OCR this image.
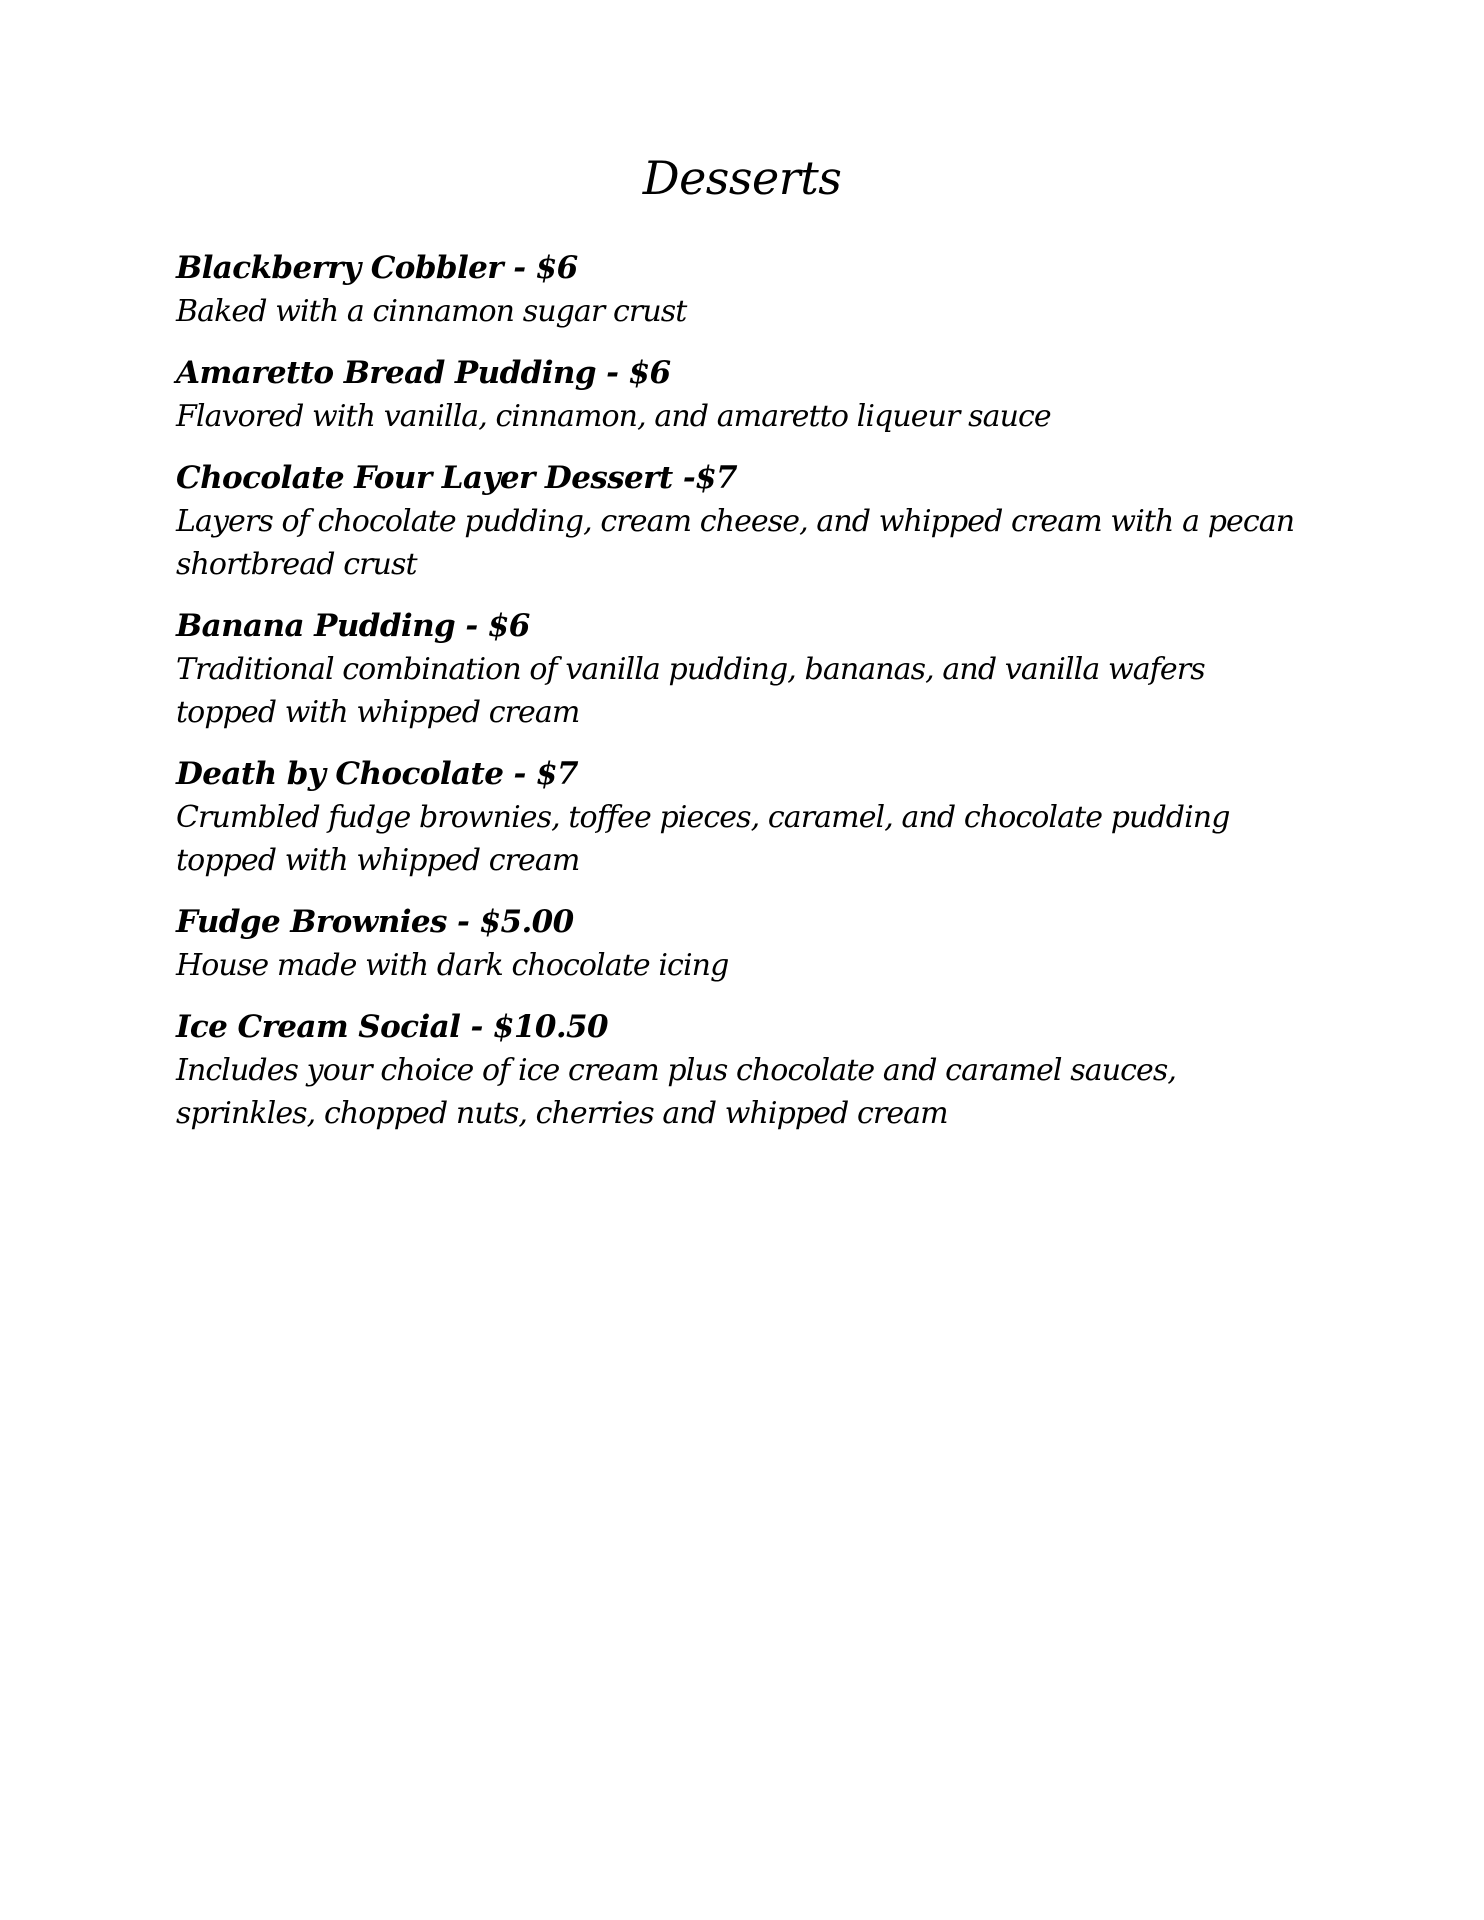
Desserts
Blackberry Cobbler - $6
Baked with a cinnamon sugar crust
Amaretto Bread Pudding - $6
Flavored with vanilla, cinnamon, and amaretto liqueur sauce
Chocolate Four Layer Dessert -$7
Layers of chocolate pudding, cream cheese, and whipped cream with a pecan shortbread crust
Banana Pudding - $6
Traditional combination of vanilla pudding, bananas, and vanilla wafers topped with whipped cream
Death by Chocolate - $7
Crumbled fudge brownies, toffee pieces, caramel, and chocolate pudding topped with whipped cream
Fudge Brownies - $5.00
House made with dark chocolate icing
Ice Cream Social - $10.50
Includes your choice of ice cream plus chocolate and caramel sauces, sprinkles, chopped nuts, cherries and whipped cream
